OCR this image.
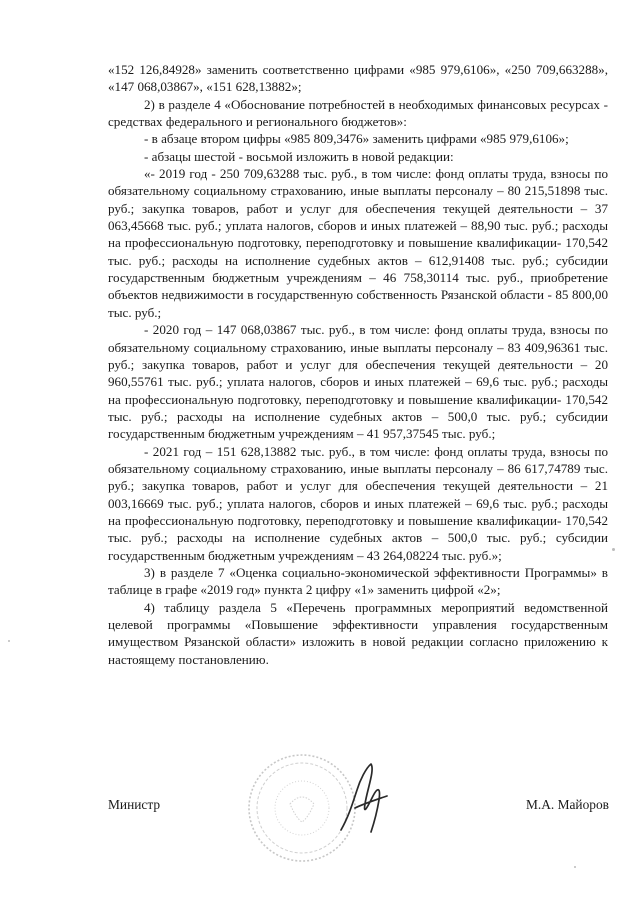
«152 126,84928» заменить соответственно цифрами «985 979,6106», «250 709,663288», «147 068,03867», «151 628,13882»;

2) в разделе 4 «Обоснование потребностей в необходимых финансовых ресурсах - средствах федерального и регионального бюджетов»:

- в абзаце втором цифры «985 809,3476» заменить цифрами «985 979,6106»;

- абзацы шестой - восьмой изложить в новой редакции:

«- 2019 год - 250 709,63288 тыс. руб., в том числе: фонд оплаты труда, взносы по обязательному социальному страхованию, иные выплаты персоналу – 80 215,51898 тыс. руб.; закупка товаров, работ и услуг для обеспечения текущей деятельности – 37 063,45668 тыс. руб.; уплата налогов, сборов и иных платежей – 88,90 тыс. руб.; расходы на профессиональную подготовку, переподготовку и повышение квалификации- 170,542 тыс. руб.; расходы на исполнение судебных актов – 612,91408 тыс. руб.; субсидии государственным бюджетным учреждениям – 46 758,30114 тыс. руб., приобретение объектов недвижимости в государственную собственность Рязанской области - 85 800,00 тыс. руб.;

- 2020 год – 147 068,03867 тыс. руб., в том числе: фонд оплаты труда, взносы по обязательному социальному страхованию, иные выплаты персоналу – 83 409,96361 тыс. руб.; закупка товаров, работ и услуг для обеспечения текущей деятельности – 20 960,55761 тыс. руб.; уплата налогов, сборов и иных платежей – 69,6 тыс. руб.; расходы на профессиональную подготовку, переподготовку и повышение квалификации- 170,542 тыс. руб.; расходы на исполнение судебных актов – 500,0 тыс. руб.; субсидии государственным бюджетным учреждениям – 41 957,37545 тыс. руб.;

- 2021 год – 151 628,13882 тыс. руб., в том числе: фонд оплаты труда, взносы по обязательному социальному страхованию, иные выплаты персоналу – 86 617,74789 тыс. руб.; закупка товаров, работ и услуг для обеспечения текущей деятельности – 21 003,16669 тыс. руб.; уплата налогов, сборов и иных платежей – 69,6 тыс. руб.; расходы на профессиональную подготовку, переподготовку и повышение квалификации- 170,542 тыс. руб.; расходы на исполнение судебных актов – 500,0 тыс. руб.; субсидии государственным бюджетным учреждениям – 43 264,08224 тыс. руб.»;

3) в разделе 7 «Оценка социально-экономической эффективности Программы» в таблице в графе «2019 год» пункта 2 цифру «1» заменить цифрой «2»;

4) таблицу раздела 5 «Перечень программных мероприятий ведомственной целевой программы «Повышение эффективности управления государственным имуществом Рязанской области» изложить в новой редакции согласно приложению к настоящему постановлению.

Министр	М.А. Майоров
